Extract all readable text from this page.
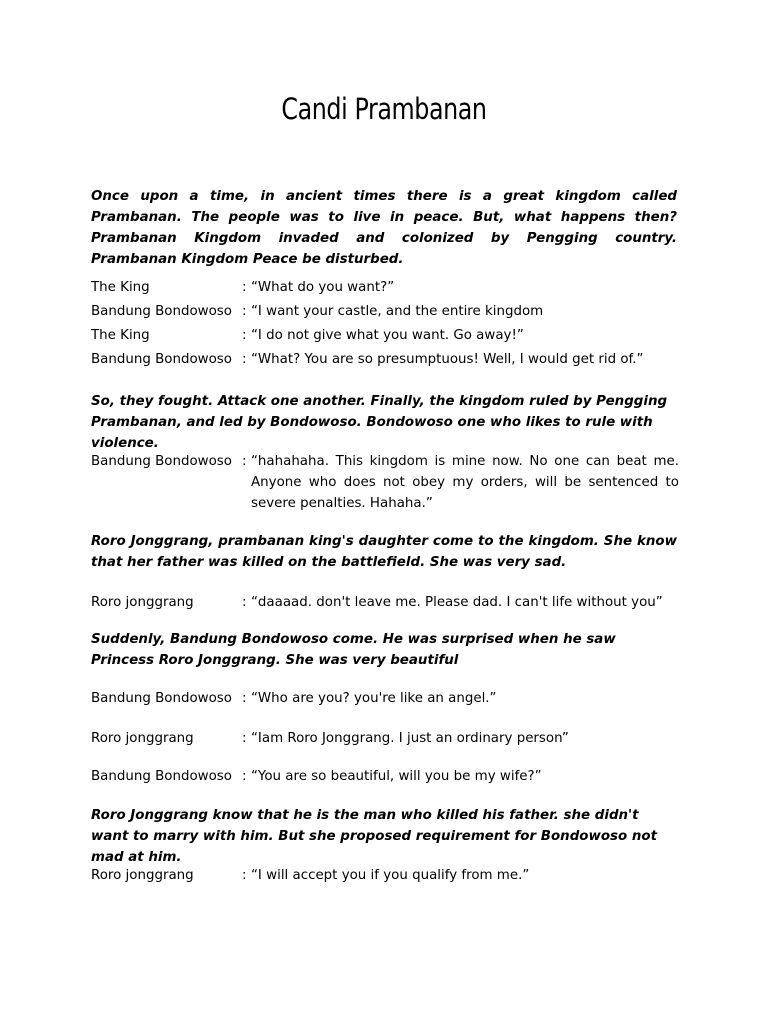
Candi Prambanan

Once upon a time, in ancient times there is a great kingdom called Prambanan. The people was to live in peace. But, what happens then? Prambanan Kingdom invaded and colonized by Pengging country. Prambanan Kingdom Peace be disturbed.

The King	: “What do you want?”
Bandung Bondowoso : “I want your castle, and the entire kingdom
The King	: “I do not give what you want. Go away!”
Bandung Bondowoso : “What? You are so presumptuous! Well, I would get rid of.”

So, they fought. Attack one another. Finally, the kingdom ruled by Pengging Prambanan, and led by Bondowoso. Bondowoso one who likes to rule with violence.

Bandung Bondowoso : “hahahaha. This kingdom is mine now. No one can beat me. Anyone who does not obey my orders, will be sentenced to severe penalties. Hahaha.”

Roro Jonggrang, prambanan king's daughter come to the kingdom. She know that her father was killed on the battlefield. She was very sad.

Roro jonggrang	: “daaaad. don't leave me. Please dad. I can't life without you”

Suddenly, Bandung Bondowoso come. He was surprised when he saw Princess Roro Jonggrang. She was very beautiful

Bandung Bondowoso : “Who are you? you're like an angel.”
Roro jonggrang	: “Iam Roro Jonggrang. I just an ordinary person”
Bandung Bondowoso : “You are so beautiful, will you be my wife?”

Roro Jonggrang know that he is the man who killed his father. she didn't want to marry with him. But she proposed requirement for Bondowoso not mad at him.

Roro jonggrang	: “I will accept you if you qualify from me.”
